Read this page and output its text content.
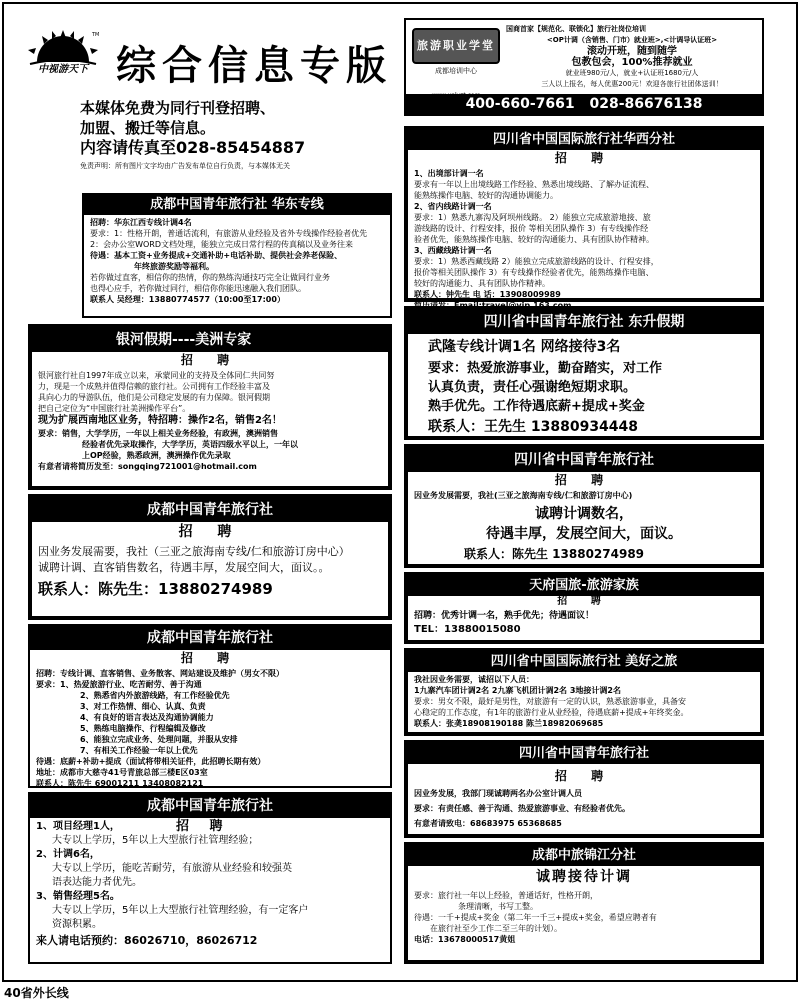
TM
中视游天下 综合信息专版
本媒体免费为同行刊登招聘、
加盟、搬迁等信息。
内容请传真至028-85454887
免责声明：所有图片文字均由广告发布单位自行负责，与本媒体无关
旅游职业学堂
成都培训中心
国商首家【规范化、联锁化】旅行社岗位培训
<OP计调（含销售、门市）就业班>,<计调导认证班>
滚动开班，随到随学
包教包会，100%推荐就业
就业班980元/人，就业+认证班1680元/人
三人以上报名，每人优惠200元！欢迎各旅行社团体送训！
400-660-7661 028-86676138
成都中国青年旅行社 华东专线
招聘：华东江西专线计调4名
要求：1：性格开朗，普通话流利，有旅游从业经验及省外专线操作经验者优先
2：会办公室WORD文档处理，能独立完成日常行程的传真稿以及业务往来
待遇：基本工资+业务提成+交通补助+电话补助、提供社会养老保险、
年终旅游奖励等福利。
若你做过直客，相信你的热情，你的熟练沟通技巧完全让做同行业务
也得心应手，若你做过同行，相信你你能迅速融入我们团队。
联系人 吴经理：13880774577（10:00至17:00）
银河假期----美洲专家
招 聘
银河旅行社自1997年成立以来，承蒙同业的支持及全体同仁共同努
力，现是一个成熟并值得信赖的旅行社。公司拥有工作经验丰富及
具向心力的导游队伍，他们是公司稳定发展的有力保障。银河假期
把自己定位为“中国旅行社美洲操作平台”。
现为扩展西南地区业务，特招聘：操作2名，销售2名！
要求：销售，大学学历，一年以上相关业务经验，有政洲，澳洲销售
经验者优先录取操作，大学学历，英语四级水平以上，一年以
上OP经验，熟悉政洲，澳洲操作优先录取
有意者请将简历发至：songqing721001@hotmail.com
成都中国青年旅行社
招 聘
因业务发展需要，我社（三亚之旅海南专线/仁和旅游订房中心）
诚聘计调、直客销售数名，待遇丰厚，发展空间大，面议。。
联系人：陈先生：13880274989
成都中国青年旅行社
招 聘
招聘：专线计调、直客销售、业务散客、网站建设及维护（男女不限）
要求：1、热爱旅游行业、吃苦耐劳、善于沟通
2、熟悉省内外旅游线路，有工作经验优先
3、对工作热情、细心、认真、负责
4、有良好的语言表达及沟通协调能力
5、熟练电脑操作、行程编辑及修改
6、能独立完成业务、处理问题，并服从安排
7、有相关工作经验一年以上优先
待遇：底薪+补助+提成（面试将带相关证件，此招聘长期有效）
地址：成都市大慈寺41号青旅总部三楼E区03室
联系人：陈先生 69001211 13408082121
成都中国青年旅行社
1、项目经理1人，	招 聘
大专以上学历，5年以上大型旅行社管理经验；
2、计调6名，
大专以上学历，能吃苦耐劳，有旅游从业经验和较强英
语表达能力者优先。
3、销售经理5名。
大专以上学历，5年以上大型旅行社管理经验，有一定客户
资源积累。
来人请电话预约：86026710，86026712
四川省中国国际旅行社华西分社
招 聘
1、出境部计调一名
要求有一年以上出境线路工作经验、熟悉出境线路、了解办证流程、
能熟练操作电脑、较好的沟通协调能力。
2、省内线路计调一名
要求：1）熟悉九寨沟及阿坝州线路。 2）能独立完成旅游地接、旅
游线路的设计、行程安排，报价 等相关团队操作 3）有专线操作经
验者优先，能熟练操作电脑、较好的沟通能力、具有团队协作精神。
3、西藏线路计调一名
要求：1）熟悉西藏线路 2）能独立完成旅游线路的设计、行程安排，
报价等相关团队操作 3）有专线操作经验者优先，能熟练操作电脑、
较好的沟通能力、具有团队协作精神。
联系人：钟先生 电 话：13908009989
简历请发：Email:travel@vip.163.com
四川省中国青年旅行社 东升假期
武隆专线计调1名 网络接待3名
要求：热爱旅游事业，勤奋踏实，对工作
认真负责，责任心强谢绝短期求职。
熟手优先。工作待遇底薪+提成+奖金
联系人：王先生 13880934448
四川省中国青年旅行社
招 聘
因业务发展需要，我社(三亚之旅海南专线/仁和旅游订房中心)
诚聘计调数名，
待遇丰厚，发展空间大，面议。
联系人：陈先生 13880274989
天府国旅-旅游家族
招 聘
招聘：优秀计调一名，熟手优先；待遇面议！
TEL：13880015080
四川省中国国际旅行社 美好之旅
我社因业务需要，诚招以下人员：
1九寨汽车团计调2名 2九寨飞机团计调2名 3地接计调2名
要求：男女不限，最好是男性，对旅游有一定的认识，熟悉旅游事业，具备安
心稳定的工作态度，有1年的旅游行业从业经验，待遇底薪+提成+年终奖金。
联系人：张䶮18908190188 陈兰18982069685
四川省中国青年旅行社
招 聘
因业务发展，我部门现诚聘两名办公室计调人员
要求：有责任感、善于沟通、热爱旅游事业、有经验者优先。
有意者请致电：68683975 65368685
成都中旅锦江分社
诚聘接待计调
要求：旅行社一年以上经验，普通话好，性格开朗，
条理清晰，书写工整。
待遇：一千+提成+奖金（第二年一千三+提成+奖金，希望应聘者有
在旅行社至少工作二至三年的计划）。
电话：13678000517黄姐
40省外长线
